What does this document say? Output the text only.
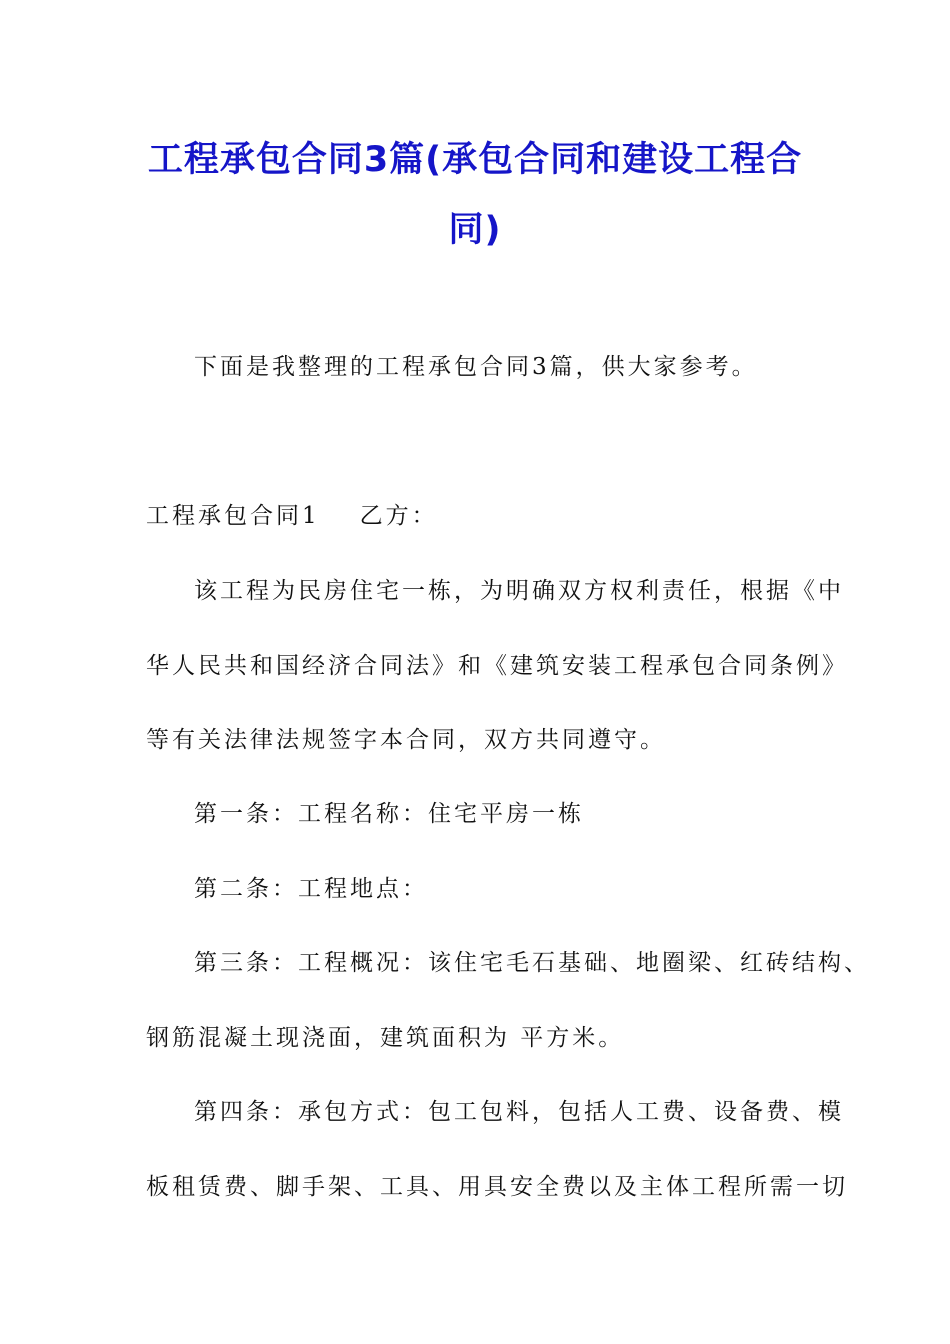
工程承包合同3篇(承包合同和建设工程合
同)
下面是我整理的工程承包合同3篇，供大家参考。
工程承包合同1 乙方：
该工程为民房住宅一栋，为明确双方权利责任，根据《中
华人民共和国经济合同法》和《建筑安装工程承包合同条例》
等有关法律法规签字本合同，双方共同遵守。
第一条：工程名称：住宅平房一栋
第二条：工程地点：
第三条：工程概况：该住宅毛石基础、地圈梁、红砖结构、
钢筋混凝土现浇面，建筑面积为 平方米。
第四条：承包方式：包工包料，包括人工费、设备费、模
板租赁费、脚手架、工具、用具安全费以及主体工程所需一切
